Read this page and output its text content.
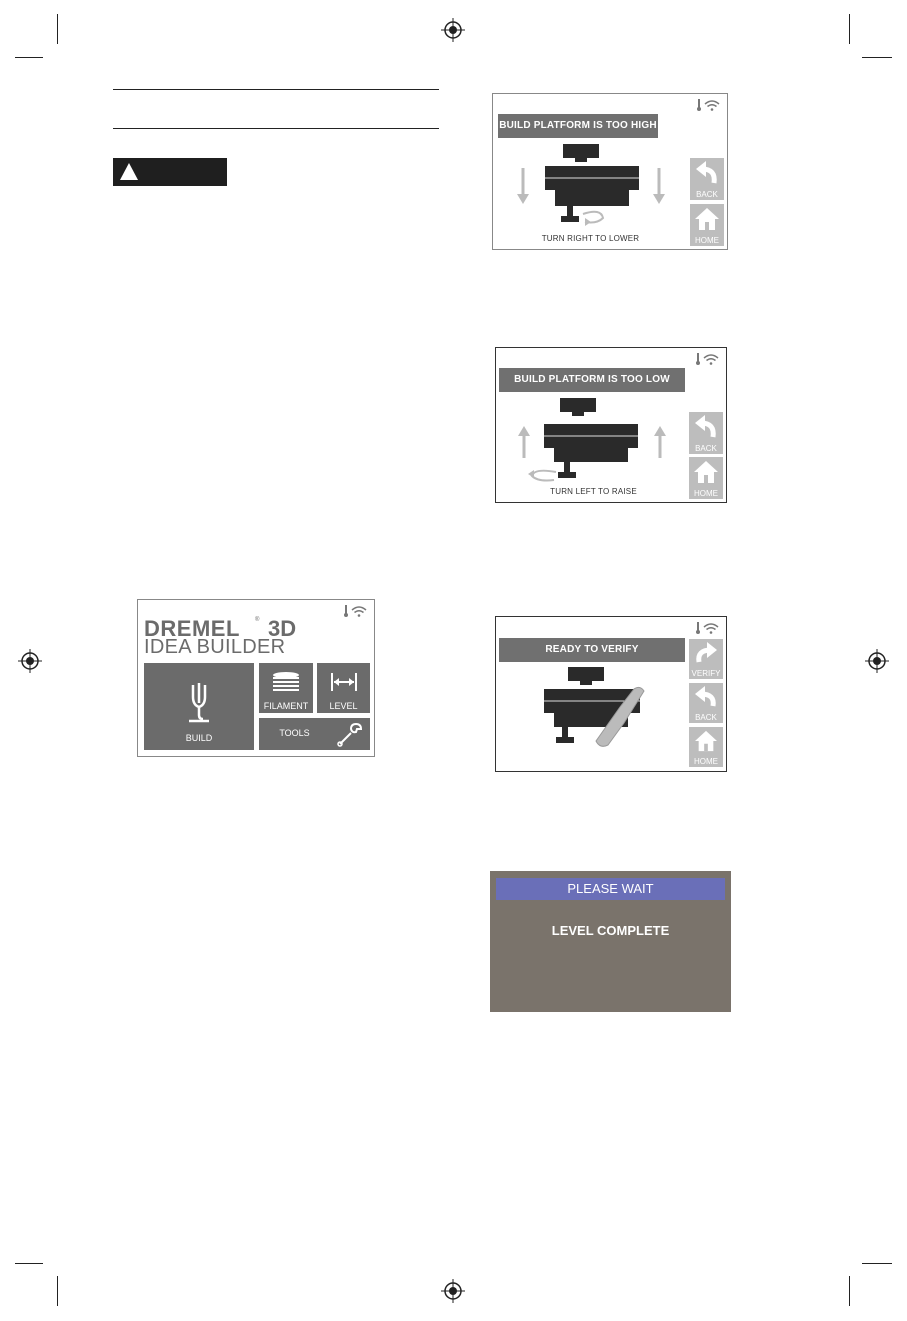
DREMEL	® 3D
IDEA BUILDER
BUILD
FILAMENT	LEVEL
TOOLS
BUILD PLATFORM IS TOO HIGH
TURN RIGHT TO LOWER
BACK
HOME
BUILD PLATFORM IS TOO LOW
TURN LEFT TO RAISE
BACK
HOME
READY TO VERIFY
VERIFY
BACK
HOME
PLEASE WAIT
LEVEL COMPLETE
